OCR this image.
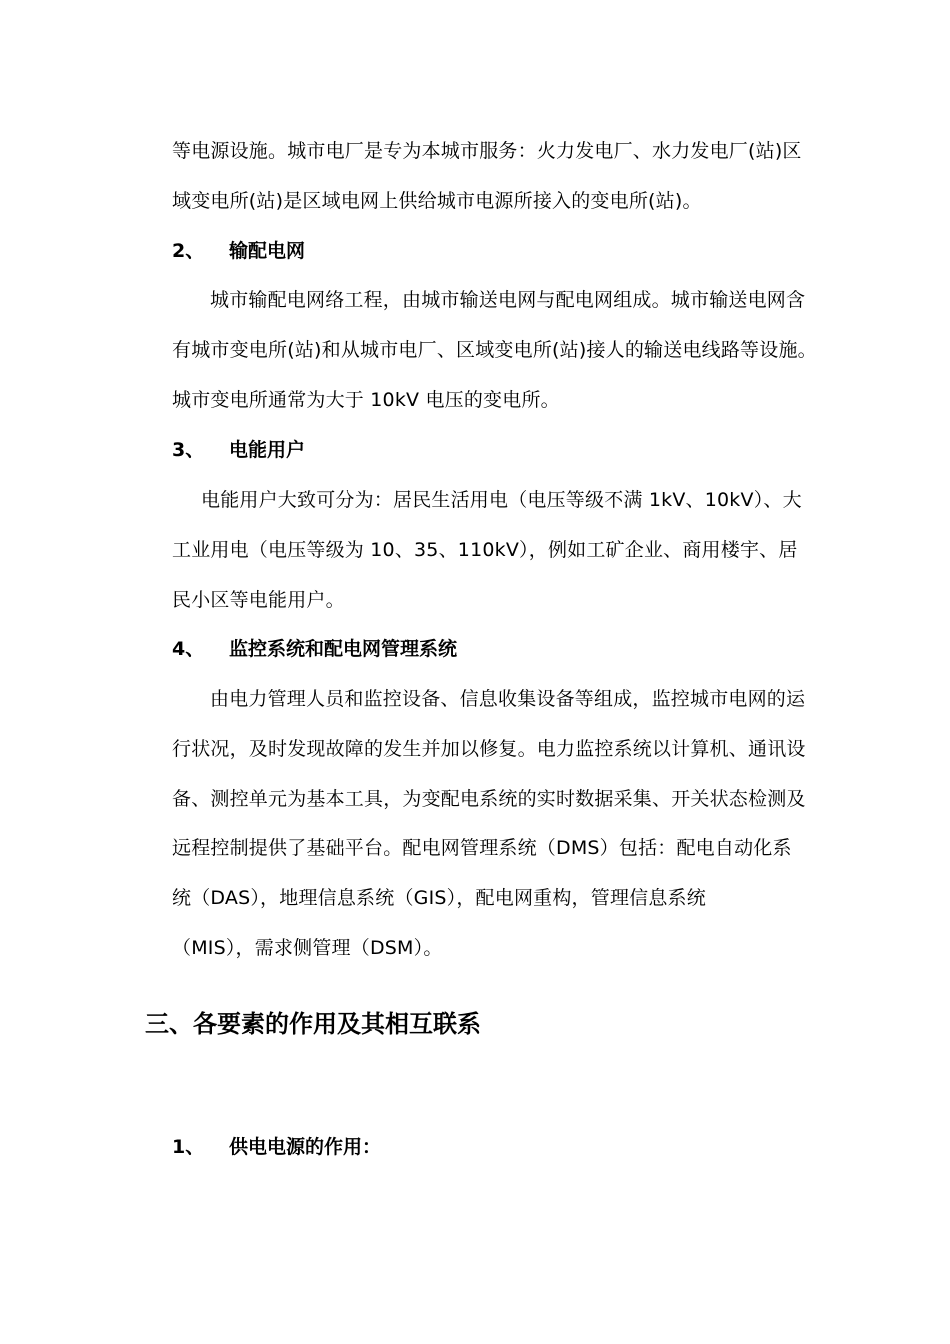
等电源设施。城市电厂是专为本城市服务：火力发电厂、水力发电厂(站)区
域变电所(站)是区域电网上供给城市电源所接入的变电所(站)。
2、 输配电网
城市输配电网络工程，由城市输送电网与配电网组成。城市输送电网含
有城市变电所(站)和从城市电厂、区域变电所(站)接人的输送电线路等设施。
城市变电所通常为大于 10kV 电压的变电所。
3、 电能用户
电能用户大致可分为：居民生活用电（电压等级不满 1kV、10kV）、大
工业用电（电压等级为 10、35、110kV），例如工矿企业、商用楼宇、居
民小区等电能用户。
4、 监控系统和配电网管理系统
由电力管理人员和监控设备、信息收集设备等组成，监控城市电网的运
行状况，及时发现故障的发生并加以修复。电力监控系统以计算机、通讯设
备、测控单元为基本工具，为变配电系统的实时数据采集、开关状态检测及
远程控制提供了基础平台。配电网管理系统（DMS）包括：配电自动化系
统（DAS），地理信息系统（GIS），配电网重构，管理信息系统
（MIS），需求侧管理（DSM）。
三、各要素的作用及其相互联系
1、 供电电源的作用：
